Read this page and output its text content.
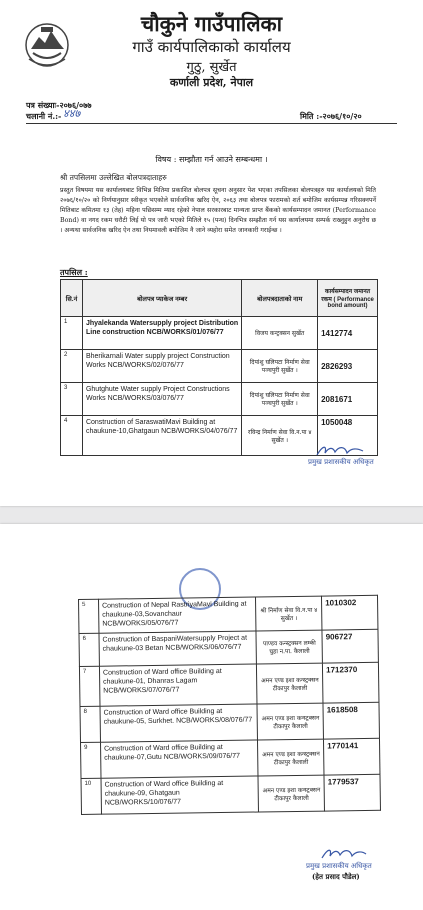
चौकुने गाउँपालिका
गाउँ कार्यपालिकाको कार्यालय
गुठु, सुर्खेत
कर्णाली प्रदेश, नेपाल
पत्र संख्याः-२०७६/०७७
चलानी नं.:- ४४७	मिति :-२०७६/१०/२०
विषय : सम्झौता गर्न आउने सम्बन्धमा ।
श्री तपसिलमा उल्लेखित बोलपत्रदाताहरु
प्रस्तुत विषयमा यस कार्यालयबाट विभिन्न मितिमा प्रकाशित बोलपत्र सूचना अनुसार पेश भएका तपसिलका बोलपत्रहरु यस कार्यालयको मिति २०७६/१०/२० को निर्णयानुसार स्वीकृत भएकोले सार्वजनिक खरिद ऐन, २०६३ तथा बोलपत्र फारामको शर्त बमोजिम कार्यसम्पन्न गरिसक्नपर्ने मितिबाट कमितमा १३ (तेह) महिना पछिसम्म म्याद रहेको नेपाल सरकारबाट मान्यता प्राप्त बैंकको कार्यसम्पादन जमानत (Performance Bond) वा नगद रकम धरौटी लिई यो पत्र जारी भएको मितिले १५ (पन्ध) दिनभित्र सम्झौता गर्न यस कार्यालयमा सम्पर्क राख्नुहुन अनुरोध छ । अन्यथा सार्वजनिक खरिद ऐन तथा नियमावली बमोजिम नै जाने व्यहोरा समेत जानकारी गराईन्छ ।
तपसिल :
सि.नं	बोलपत्र प्याकेज नम्बर	बोलपत्रदाताको नाम	कार्यसम्पादन जमानत रकम ( Performance bond amount)
1	Jhyalekanda Watersupply project Distribution Line construction NCB/WORKS/01/076/77	विजय कन्ट्रक्सन सुर्खेत	1412774
2	Bherikarnali Water supply project Construction Works NCB/WORKS/02/076/77	दिपांशु घलिपटा निर्माण सेवा पञ्चपुरी सुर्खेत ।	2826293
3	Ghutghute Water supply Project Constructions Works NCB/WORKS/03/076/77	दिपांशु घलिपटा निर्माण सेवा पञ्चपुरी सुर्खेत ।	2081671
4	Construction of SaraswatiMavi Building at chaukune-10,Ghatgaun NCB/WORKS/04/076/77	रविन्द्र निर्माण सेवा वि.न.पा ४ सुर्खेत ।	1050048
प्रमुख प्रशासकीय अधिकृत
5	Construction of Nepal RastriyaMavi Building at chaukune-03,Sovanchaur NCB/WORKS/05/076/77	श्री निर्माण सेवा वि.न.पा ४ सुर्खेत ।	1010302
6	Construction of BaspaniWatersupply Project at chaukune-03 Betan NCB/WORKS/06/076/77	पाण्डव कन्स्ट्रक्सन लम्की चुहा न.पा. कैलाली	906727
7	Construction of Ward office Building at chaukune-01, Dhanras Lagam NCB/WORKS/07/076/77	अमन एण्ड इशा कन्स्ट्रक्सन टीकापुर कैलाली	1712370
8	Construction of Ward office Building at chaukune-05, Surkhet. NCB/WORKS/08/076/77	अमन एण्ड इशा कन्स्ट्रक्सन टीकापुर कैलाली	1618508
9	Construction of Ward office Building at chaukune-07,Gutu NCB/WORKS/09/076/77	अमन एण्ड इशा कन्स्ट्रक्सन टीकापुर कैलाली	1770141
10	Construction of Ward office Building at chaukune-09, Ghatgaun NCB/WORKS/10/076/77	अमन एण्ड इशा कन्स्ट्रक्सन टीकापुर कैलाली	1779537
प्रमुख प्रशासकीय अधिकृत
(हेत प्रसाद पौडेल)
